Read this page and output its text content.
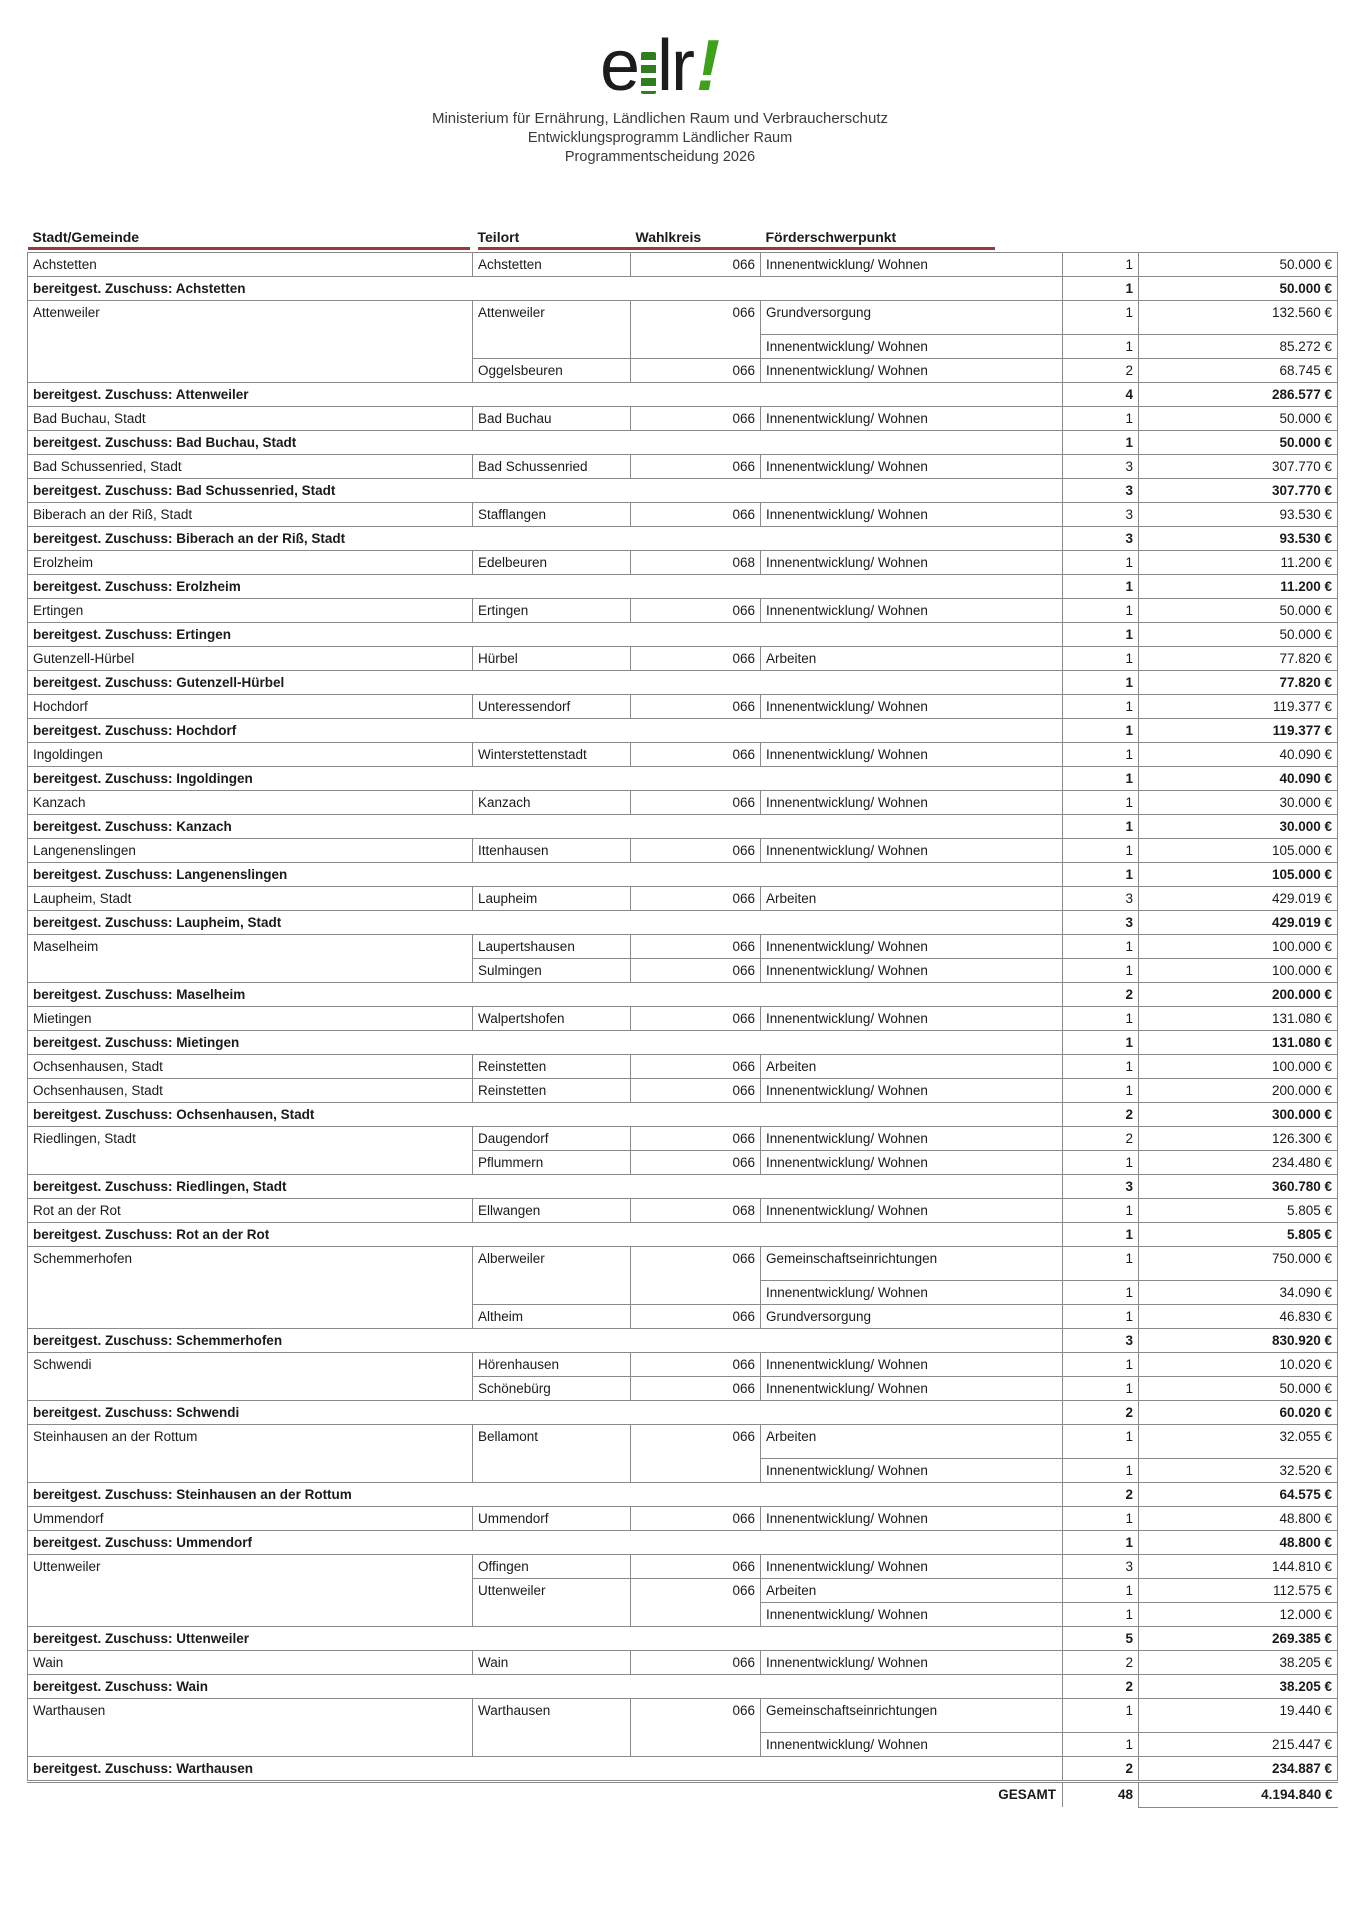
e lr!
Ministerium für Ernährung, Ländlichen Raum und Verbraucherschutz
Entwicklungsprogramm Ländlicher Raum
Programmentscheidung 2026
Stadt/Gemeinde	Teilort	Wahlkreis	Förderschwerpunkt		
Achstetten	Achstetten	066	Innenentwicklung/ Wohnen	1	50.000 €
bereitgest. Zuschuss: Achstetten				1	50.000 €
Attenweiler	Attenweiler	066	Grundversorgung	1	132.560 €
			Innenentwicklung/ Wohnen	1	85.272 €
	Oggelsbeuren	066	Innenentwicklung/ Wohnen	2	68.745 €
bereitgest. Zuschuss: Attenweiler				4	286.577 €
Bad Buchau, Stadt	Bad Buchau	066	Innenentwicklung/ Wohnen	1	50.000 €
bereitgest. Zuschuss: Bad Buchau, Stadt				1	50.000 €
Bad Schussenried, Stadt	Bad Schussenried	066	Innenentwicklung/ Wohnen	3	307.770 €
bereitgest. Zuschuss: Bad Schussenried, Stadt				3	307.770 €
Biberach an der Riß, Stadt	Stafflangen	066	Innenentwicklung/ Wohnen	3	93.530 €
bereitgest. Zuschuss: Biberach an der Riß, Stadt				3	93.530 €
Erolzheim	Edelbeuren	068	Innenentwicklung/ Wohnen	1	11.200 €
bereitgest. Zuschuss: Erolzheim				1	11.200 €
Ertingen	Ertingen	066	Innenentwicklung/ Wohnen	1	50.000 €
bereitgest. Zuschuss: Ertingen				1	50.000 €
Gutenzell-Hürbel	Hürbel	066	Arbeiten	1	77.820 €
bereitgest. Zuschuss: Gutenzell-Hürbel				1	77.820 €
Hochdorf	Unteressendorf	066	Innenentwicklung/ Wohnen	1	119.377 €
bereitgest. Zuschuss: Hochdorf				1	119.377 €
Ingoldingen	Winterstettenstadt	066	Innenentwicklung/ Wohnen	1	40.090 €
bereitgest. Zuschuss: Ingoldingen				1	40.090 €
Kanzach	Kanzach	066	Innenentwicklung/ Wohnen	1	30.000 €
bereitgest. Zuschuss: Kanzach				1	30.000 €
Langenenslingen	Ittenhausen	066	Innenentwicklung/ Wohnen	1	105.000 €
bereitgest. Zuschuss: Langenenslingen				1	105.000 €
Laupheim, Stadt	Laupheim	066	Arbeiten	3	429.019 €
bereitgest. Zuschuss: Laupheim, Stadt				3	429.019 €
Maselheim	Laupertshausen	066	Innenentwicklung/ Wohnen	1	100.000 €
	Sulmingen	066	Innenentwicklung/ Wohnen	1	100.000 €
bereitgest. Zuschuss: Maselheim				2	200.000 €
Mietingen	Walpertshofen	066	Innenentwicklung/ Wohnen	1	131.080 €
bereitgest. Zuschuss: Mietingen				1	131.080 €
Ochsenhausen, Stadt	Reinstetten	066	Arbeiten	1	100.000 €
Ochsenhausen, Stadt	Reinstetten	066	Innenentwicklung/ Wohnen	1	200.000 €
bereitgest. Zuschuss: Ochsenhausen, Stadt				2	300.000 €
Riedlingen, Stadt	Daugendorf	066	Innenentwicklung/ Wohnen	2	126.300 €
	Pflummern	066	Innenentwicklung/ Wohnen	1	234.480 €
bereitgest. Zuschuss: Riedlingen, Stadt				3	360.780 €
Rot an der Rot	Ellwangen	068	Innenentwicklung/ Wohnen	1	5.805 €
bereitgest. Zuschuss: Rot an der Rot				1	5.805 €
Schemmerhofen	Alberweiler	066	Gemeinschaftseinrichtungen	1	750.000 €
			Innenentwicklung/ Wohnen	1	34.090 €
	Altheim	066	Grundversorgung	1	46.830 €
bereitgest. Zuschuss: Schemmerhofen				3	830.920 €
Schwendi	Hörenhausen	066	Innenentwicklung/ Wohnen	1	10.020 €
	Schönebürg	066	Innenentwicklung/ Wohnen	1	50.000 €
bereitgest. Zuschuss: Schwendi				2	60.020 €
Steinhausen an der Rottum	Bellamont	066	Arbeiten	1	32.055 €
			Innenentwicklung/ Wohnen	1	32.520 €
bereitgest. Zuschuss: Steinhausen an der Rottum				2	64.575 €
Ummendorf	Ummendorf	066	Innenentwicklung/ Wohnen	1	48.800 €
bereitgest. Zuschuss: Ummendorf				1	48.800 €
Uttenweiler	Offingen	066	Innenentwicklung/ Wohnen	3	144.810 €
	Uttenweiler	066	Arbeiten	1	112.575 €
			Innenentwicklung/ Wohnen	1	12.000 €
bereitgest. Zuschuss: Uttenweiler				5	269.385 €
Wain	Wain	066	Innenentwicklung/ Wohnen	2	38.205 €
bereitgest. Zuschuss: Wain				2	38.205 €
Warthausen	Warthausen	066	Gemeinschaftseinrichtungen	1	19.440 €
			Innenentwicklung/ Wohnen	1	215.447 €
bereitgest. Zuschuss: Warthausen				2	234.887 €
GESAMT				48	4.194.840 €
